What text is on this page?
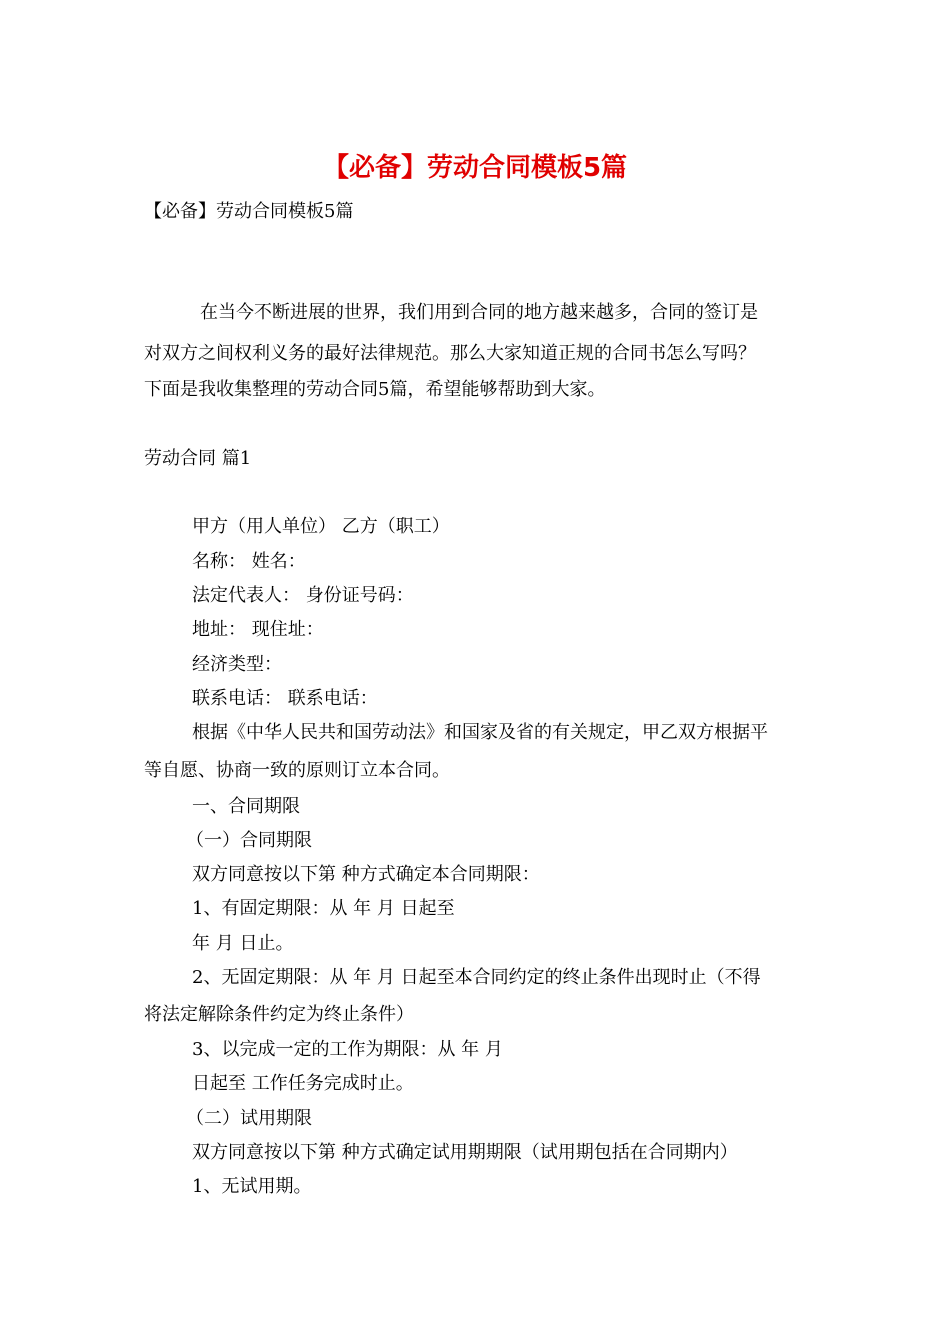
【必备】劳动合同模板5篇
【必备】劳动合同模板5篇
在当今不断进展的世界，我们用到合同的地方越来越多，合同的签订是
对双方之间权利义务的最好法律规范。那么大家知道正规的合同书怎么写吗？
下面是我收集整理的劳动合同5篇，希望能够帮助到大家。
劳动合同 篇1
甲方（用人单位） 乙方（职工）
名称： 姓名：
法定代表人： 身份证号码：
地址： 现住址：
经济类型：
联系电话： 联系电话：
根据《中华人民共和国劳动法》和国家及省的有关规定，甲乙双方根据平
等自愿、协商一致的原则订立本合同。
一、合同期限
（一）合同期限
双方同意按以下第 种方式确定本合同期限：
1、有固定期限：从 年 月 日起至
年 月 日止。
2、无固定期限：从 年 月 日起至本合同约定的终止条件出现时止（不得
将法定解除条件约定为终止条件）
3、以完成一定的工作为期限：从 年 月
日起至 工作任务完成时止。
（二）试用期限
双方同意按以下第 种方式确定试用期期限（试用期包括在合同期内）
1、无试用期。
